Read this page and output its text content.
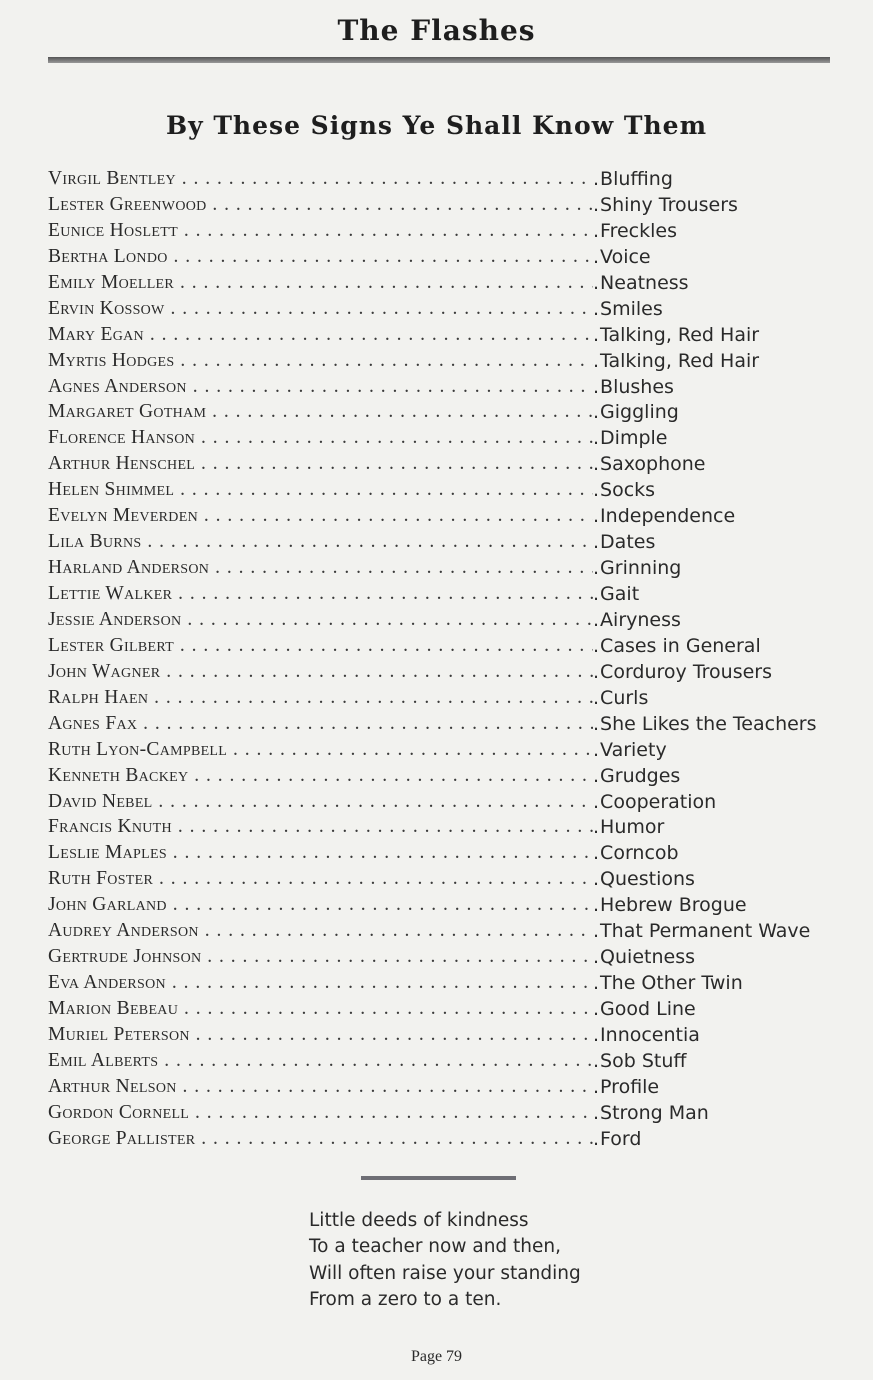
The Flashes
By These Signs Ye Shall Know Them
Virgil Bentley . . .	. Bluffing
Lester Greenwood . . .	. Shiny Trousers
Eunice Hoslett . . .	. Freckles
Bertha Londo . . .	. Voice
Emily Moeller . . .	. Neatness
Ervin Kossow . . .	. Smiles
Mary Egan . . .	. Talking, Red Hair
Myrtis Hodges . . .	. Talking, Red Hair
Agnes Anderson . . .	. Blushes
Margaret Gotham . . .	. Giggling
Florence Hanson . . .	. Dimple
Arthur Henschel . . .	. Saxophone
Helen Shimmel . . .	. Socks
Evelyn Meverden . . .	. Independence
Lila Burns . . .	. Dates
Harland Anderson . . .	. Grinning
Lettie Walker . . .	. Gait
Jessie Anderson . . .	. Airyness
Lester Gilbert . . .	. Cases in General
John Wagner . . .	. Corduroy Trousers
Ralph Haen . . .	. Curls
Agnes Fax . . .	. She Likes the Teachers
Ruth Lyon-Campbell . . .	. Variety
Kenneth Backey . . .	. Grudges
David Nebel . . .	. Cooperation
Francis Knuth . . .	. Humor
Leslie Maples . . .	. Corncob
Ruth Foster . . .	. Questions
John Garland . . .	. Hebrew Brogue
Audrey Anderson . . .	. That Permanent Wave
Gertrude Johnson . . .	. Quietness
Eva Anderson . . .	. The Other Twin
Marion Bebeau . . .	. Good Line
Muriel Peterson . . .	. Innocentia
Emil Alberts . . .	. Sob Stuff
Arthur Nelson . . .	. Profile
Gordon Cornell . . .	. Strong Man
George Pallister . . .	. Ford
Little deeds of kindness
To a teacher now and then,
Will often raise your standing
From a zero to a ten.
Page 79
